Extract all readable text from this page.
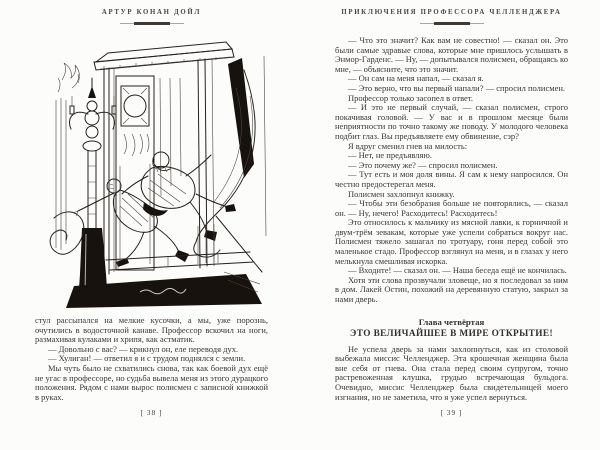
АРТУР КОНАН ДОЙЛ

стул рассыпался на мелкие кусочки, а мы, уже порознь, очутились в водосточной канаве. Профессор вскочил на ноги, размахивая кулаками и хрипя, как астматик.

— Довольно с вас? — крикнул он, еле переводя дух.

— Хулиган! — ответил я и с трудом поднялся с земли.

Мы чуть было не схватились снова, так как боевой дух ещё не угас в профессоре, но судьба вывела меня из этого дурацкого положения. Рядом с нами вырос полисмен с записной книжкой в руках.

[ 38 ]
ПРИКЛЮЧЕНИЯ ПРОФЕССОРА ЧЕЛЛЕНДЖЕРА

— Что это значит? Как вам не совестно! — сказал он. Это были самые здравые слова, которые мне пришлось услышать в Энмор-Гарденс. — Ну, — допытывался полисмен, обращаясь ко мне, — объясните, что это значит.

— Он сам на меня напал, — сказал я.

— Это верно, что вы первый напали? — спросил полисмен.

Профессор только засопел в ответ.

— И это не первый случай, — сказал полисмен, строго покачивая головой. — У вас и в прошлом месяце были неприятности по точно такому же поводу. У молодого человека подбит глаз. Вы предъявляете ему обвинение, сэр?

Я вдруг сменил гнев на милость:

— Нет, не предъявляю.

— Это почему же? — спросил полисмен.

— Тут есть и моя доля вины. Я сам к нему напросился. Он честно предостерегал меня.

Полисмен захлопнул книжку.

— Чтобы эти безобразия больше не повторялись, — сказал он. — Ну, нечего! Расходитесь! Расходитесь!

Это относилось к мальчику из мясной лавки, к горничной и двум-трём зевакам, которые уже успели собраться вокруг нас. Полисмен тяжело зашагал по тротуару, гоня перед собой это маленькое стадо. Профессор взглянул на меня, и в глазах у него мелькнула смешливая искорка.

— Входите! — сказал он. — Наша беседа ещё не кончилась.

Хотя эти слова прозвучали зловеще, но я последовал за ним в дом. Лакей Остин, похожий на деревянную статую, закрыл за нами дверь.

Глава четвёртая
ЭТО ВЕЛИЧАЙШЕЕ В МИРЕ ОТКРЫТИЕ!

Не успела дверь за нами захлопнуться, как из столовой выбежала миссис Челленджер. Эта крошечная женщина была вне себя от гнева. Она стала перед своим супругом, точно растревоженная клушка, грудью встречающая бульдога. Очевидно, миссис Челленджер была свидетельницей моего изгнания, но не заметила, что я уже успел вернуться.

[ 39 ]
